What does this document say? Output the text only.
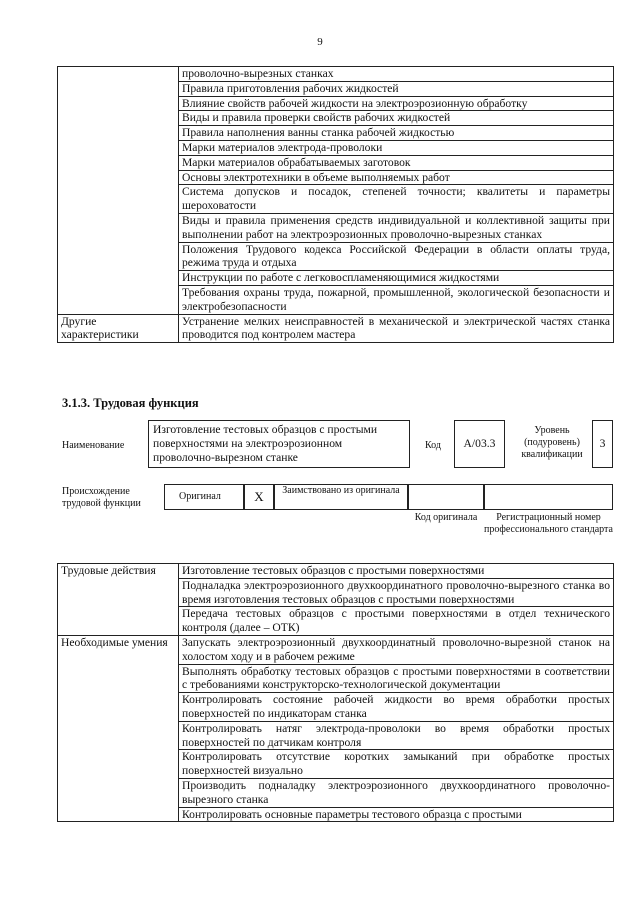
9
	проволочно-вырезных станках
	Правила приготовления рабочих жидкостей
	Влияние свойств рабочей жидкости на электроэрозионную обработку
	Виды и правила проверки свойств рабочих жидкостей
	Правила наполнения ванны станка рабочей жидкостью
	Марки материалов электрода-проволоки
	Марки материалов обрабатываемых заготовок
	Основы электротехники в объеме выполняемых работ
	Система допусков и посадок, степеней точности; квалитеты и параметры шероховатости
	Виды и правила применения средств индивидуальной и коллективной защиты при выполнении работ на электроэрозионных проволочно-вырезных станках
	Положения Трудового кодекса Российской Федерации в области оплаты труда, режима труда и отдыха
	Инструкции по работе с легковоспламеняющимися жидкостями
	Требования охраны труда, пожарной, промышленной, экологической безопасности и электробезопасности
Другие характеристики	Устранение мелких неисправностей в механической и электрической частях станка проводится под контролем мастера
3.1.3. Трудовая функция
Наименование
Изготовление тестовых образцов с простыми поверхностями на электроэрозионном проволочно-вырезном станке
Код	A/03.3
Уровень (подуровень) квалификации
3
Происхождение трудовой функции
Оригинал	X	Заимствовано из оригинала
Код оригинала	Регистрационный номер профессионального стандарта
Трудовые действия	Изготовление тестовых образцов с простыми поверхностями
	Подналадка электроэрозионного двухкоординатного проволочно-вырезного станка во время изготовления тестовых образцов с простыми поверхностями
	Передача тестовых образцов с простыми поверхностями в отдел технического контроля (далее – ОТК)
Необходимые умения	Запускать электроэрозионный двухкоординатный проволочно-вырезной станок на холостом ходу и в рабочем режиме
	Выполнять обработку тестовых образцов с простыми поверхностями в соответствии с требованиями конструкторско-технологической документации
	Контролировать состояние рабочей жидкости во время обработки простых поверхностей по индикаторам станка
	Контролировать натяг электрода-проволоки во время обработки простых поверхностей по датчикам контроля
	Контролировать отсутствие коротких замыканий при обработке простых поверхностей визуально
	Производить подналадку электроэрозионного двухкоординатного проволочно-вырезного станка
	Контролировать основные параметры тестового образца с простыми
